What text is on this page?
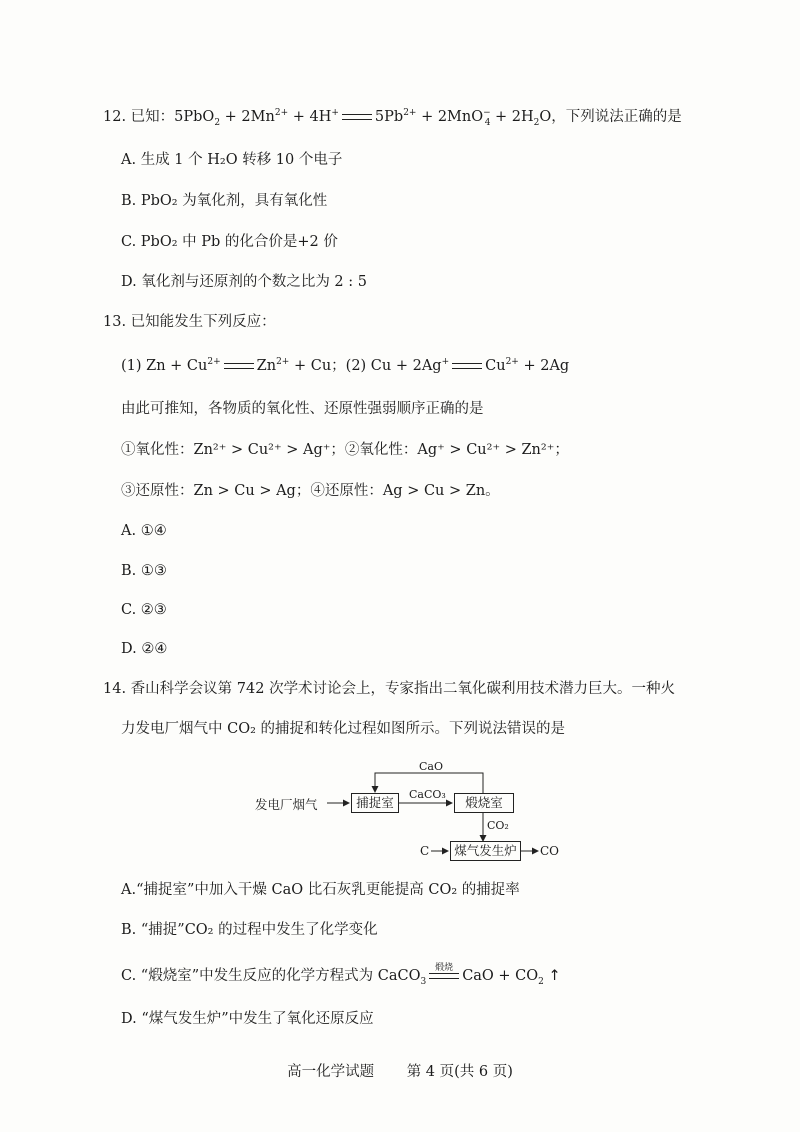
12. 已知：$5PbO_2 + 2Mn^{2+} + 4H^+$ $5Pb^{2+} + 2MnO^-_4 + 2H_2O$，下列说法正确的是
A. 生成 1 个 H₂O 转移 10 个电子
B. PbO₂ 为氧化剂，具有氧化性
C. PbO₂ 中 Pb 的化合价是+2 价
D. 氧化剂与还原剂的个数之比为 2 : 5
13. 已知能发生下列反应：
(1) $Zn + Cu^{2+}$ $Zn^{2+} + Cu$；(2) Cu + 2Ag+ $Cu^{2+} + 2Ag$
由此可推知，各物质的氧化性、还原性强弱顺序正确的是
①氧化性：Zn²⁺ > Cu²⁺ > Ag⁺；②氧化性：Ag⁺ > Cu²⁺ > Zn²⁺；
③还原性：Zn > Cu > Ag；④还原性：Ag > Cu > Zn。
A. ①④
B. ①③
C. ②③
D. ②④
14. 香山科学会议第 742 次学术讨论会上，专家指出二氧化碳利用技术潜力巨大。一种火
力发电厂烟气中 CO₂ 的捕捉和转化过程如图所示。下列说法错误的是
发电厂烟气	捕捉室	煅烧室
煤气发生炉
CaO
CaCO₃
CO₂
C	CO
A.“捕捉室”中加入干燥 CaO 比石灰乳更能提高 CO₂ 的捕捉率
B. “捕捉”CO₂ 的过程中发生了化学变化
C. “煅烧室”中发生反应的化学方程式为 CaCO$_3$
煅烧 CaO + $CO_2$ ↑
D. “煤气发生炉”中发生了氧化还原反应
高一化学试题 第 4 页(共 6 页)
